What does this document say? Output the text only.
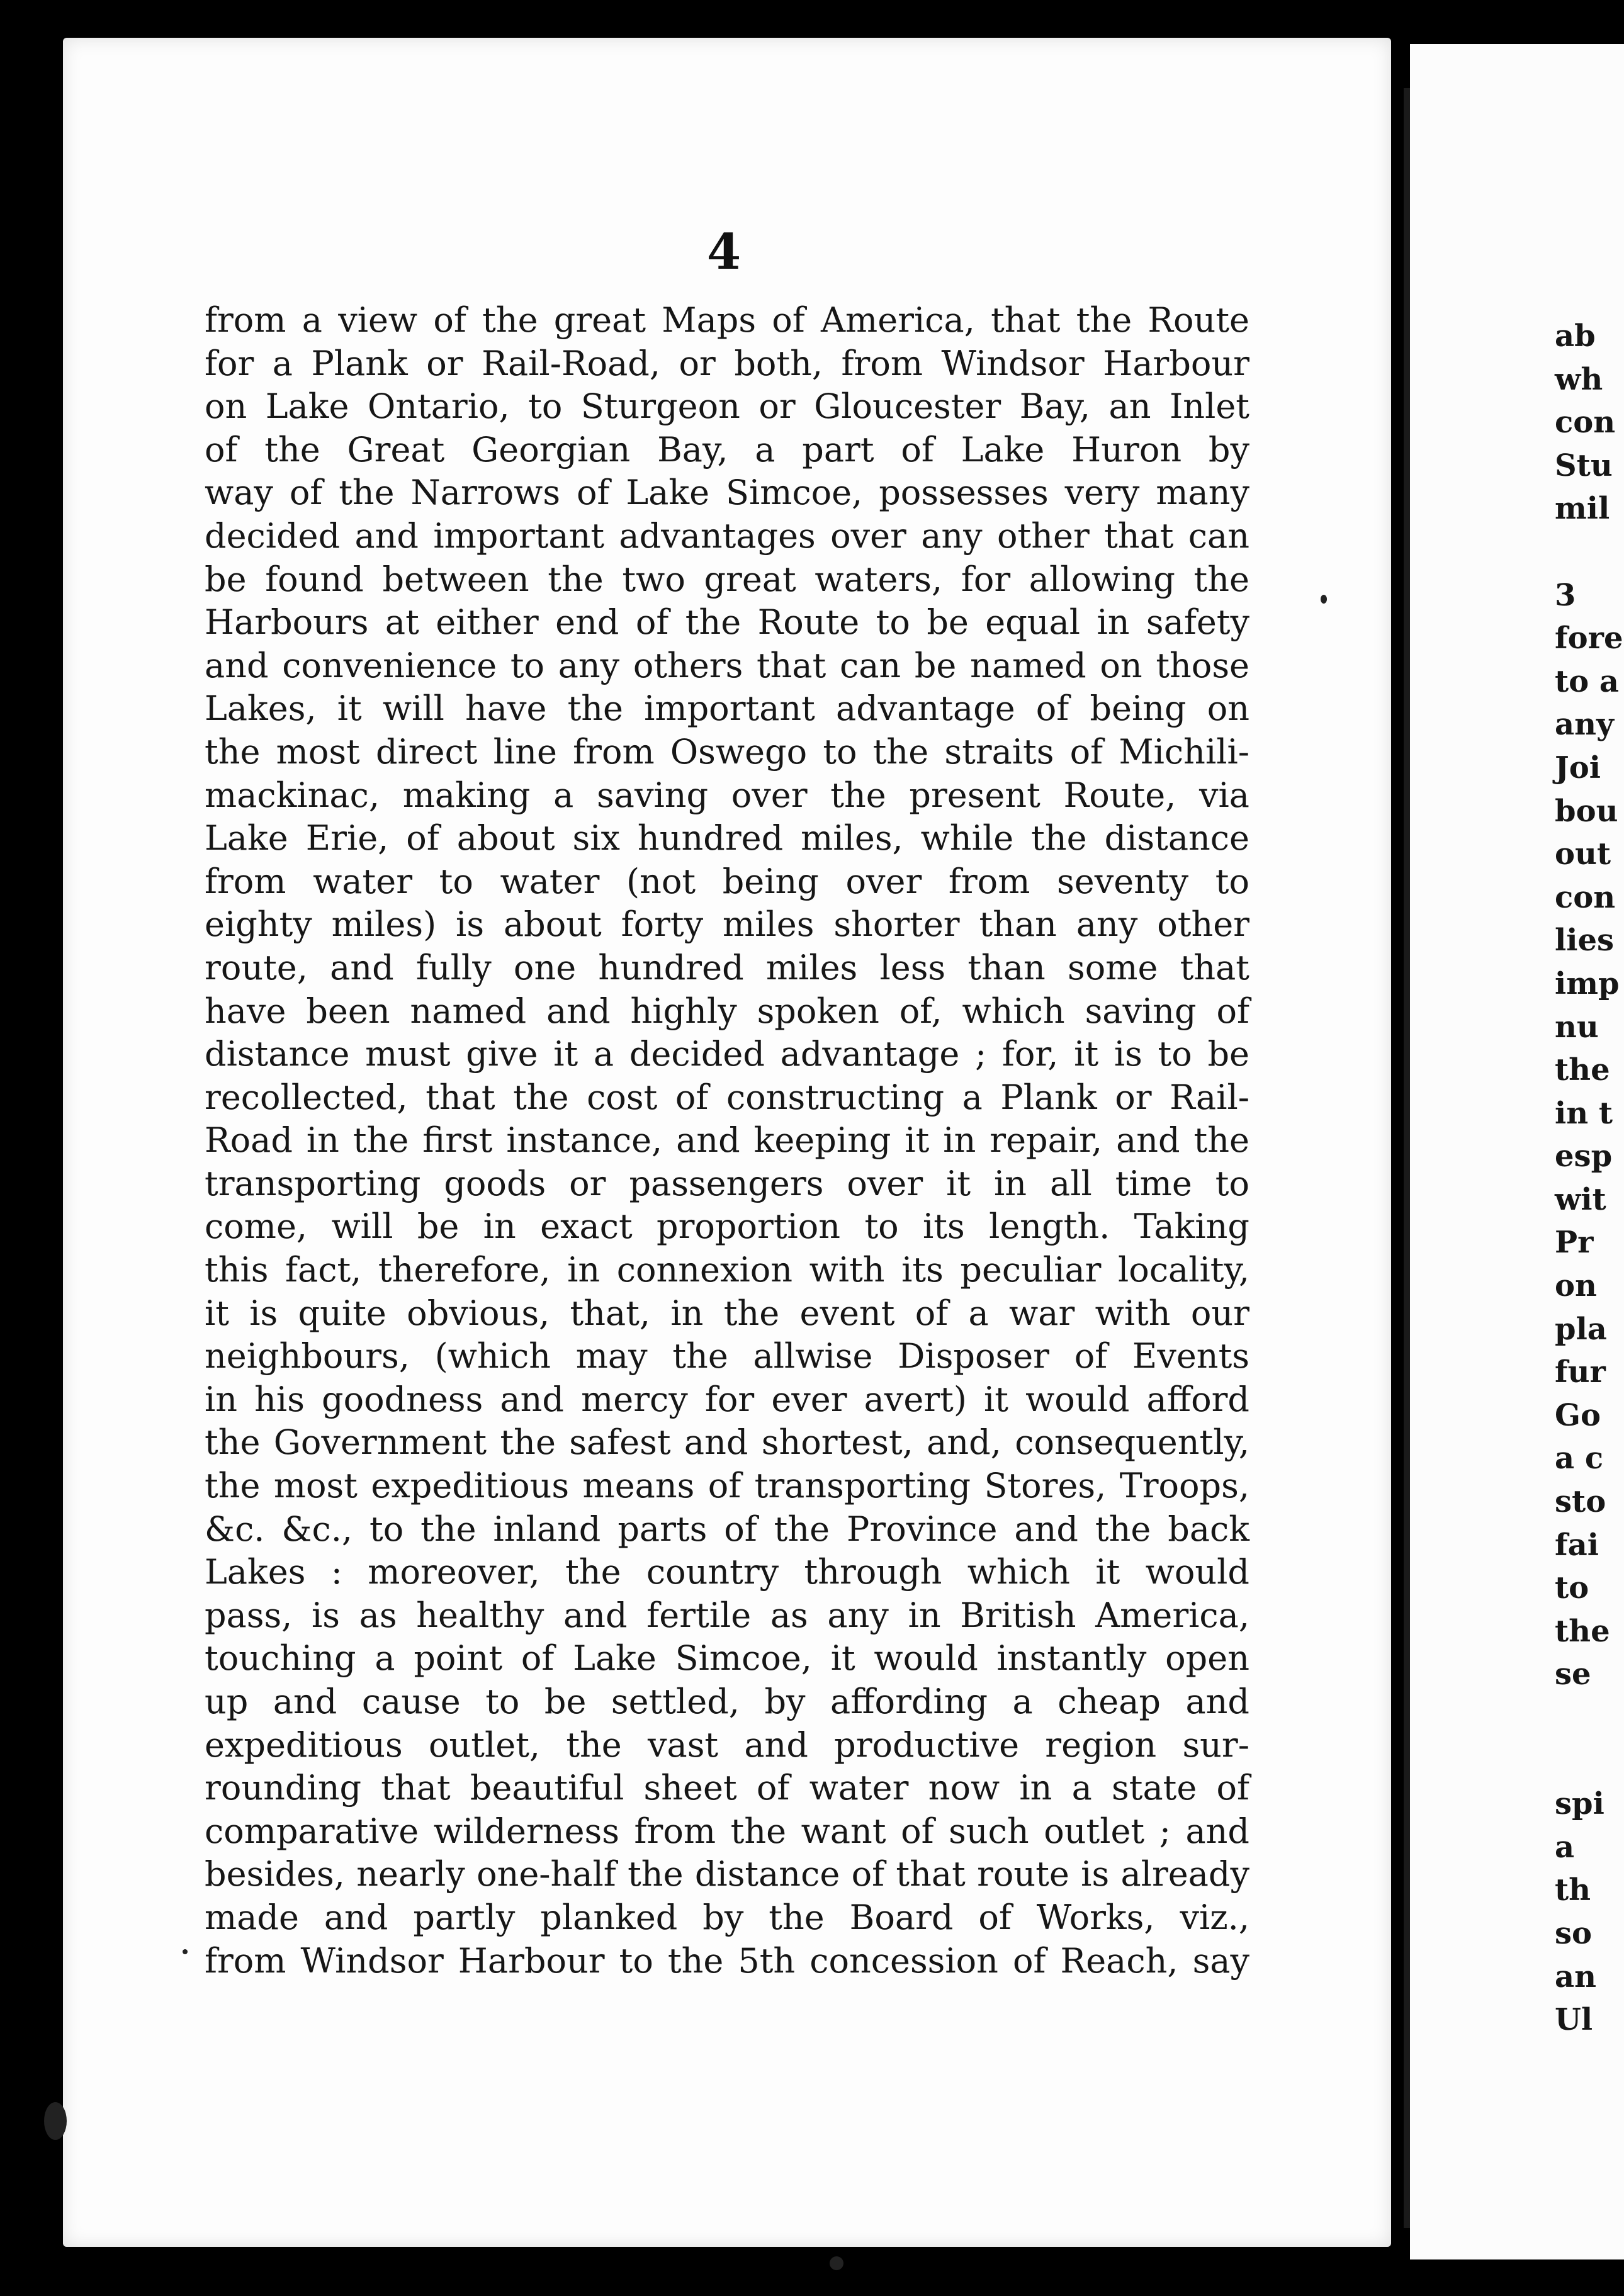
4
from a view of the great Maps of America, that the Route
for a Plank or Rail-Road, or both, from Windsor Harbour
on Lake Ontario, to Sturgeon or Gloucester Bay, an Inlet
of the Great Georgian Bay, a part of Lake Huron by
way of the Narrows of Lake Simcoe, possesses very many
decided and important advantages over any other that can
be found between the two great waters, for allowing the
Harbours at either end of the Route to be equal in safety
and convenience to any others that can be named on those
Lakes, it will have the important advantage of being on
the most direct line from Oswego to the straits of Michili-
mackinac, making a saving over the present Route, via
Lake Erie, of about six hundred miles, while the distance
from water to water (not being over from seventy to
eighty miles) is about forty miles shorter than any other
route, and fully one hundred miles less than some that
have been named and highly spoken of, which saving of
distance must give it a decided advantage ; for, it is to be
recollected, that the cost of constructing a Plank or Rail-
Road in the first instance, and keeping it in repair, and the
transporting goods or passengers over it in all time to
come, will be in exact proportion to its length. Taking
this fact, therefore, in connexion with its peculiar locality,
it is quite obvious, that, in the event of a war with our
neighbours, (which may the allwise Disposer of Events
in his goodness and mercy for ever avert) it would afford
the Government the safest and shortest, and, consequently,
the most expeditious means of transporting Stores, Troops,
&c. &c., to the inland parts of the Province and the back
Lakes : moreover, the country through which it would
pass, is as healthy and fertile as any in British America,
touching a point of Lake Simcoe, it would instantly open
up and cause to be settled, by affording a cheap and
expeditious outlet, the vast and productive region sur-
rounding that beautiful sheet of water now in a state of
comparative wilderness from the want of such outlet ; and
besides, nearly one-half the distance of that route is already
made and partly planked by the Board of Works, viz.,
from Windsor Harbour to the 5th concession of Reach, say
ab
wh
con
Stu
mil
3
fore
to a
any
Joi
bou
out
con
lies
imp
nu
the
in t
esp
wit
Pr
on
pla
fur
Go
a c
sto
fai
to
the
se
spi
a
th
so
an
Ul
